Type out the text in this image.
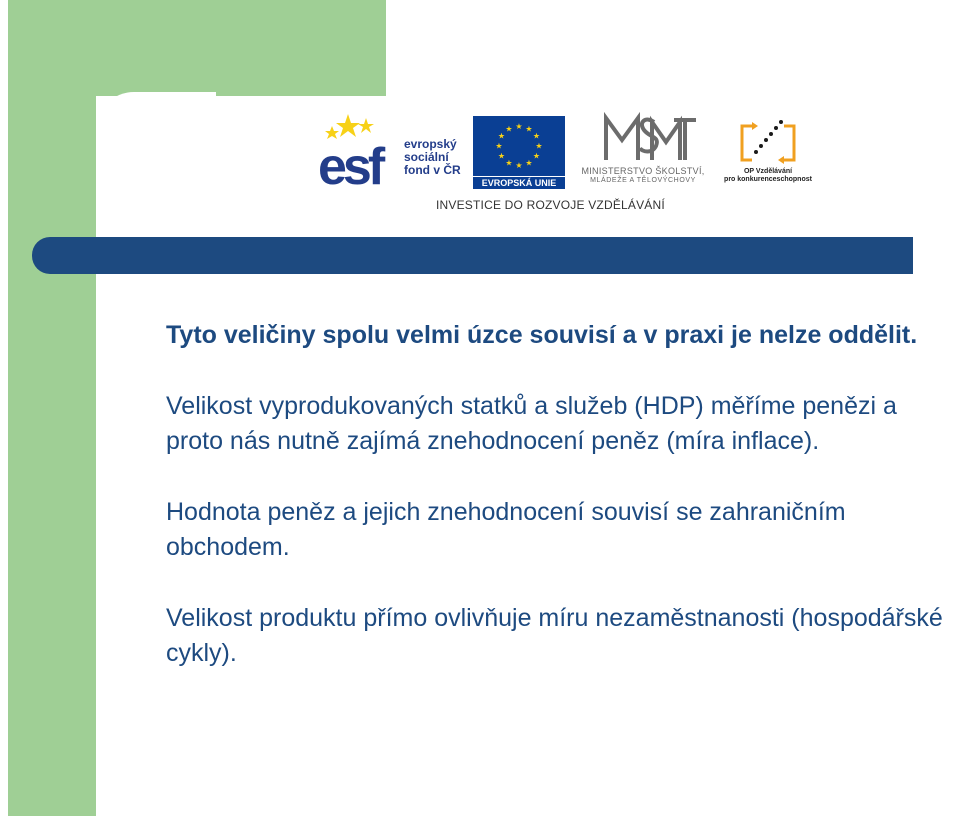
esf	evropský
sociální
fond v ČR
★ ★
★
★
★
★
★
★
★
★
★
★
EVROPSKÁ UNIE
MINISTERSTVO ŠKOLSTVÍ,
MLÁDEŽE A TĚLOVÝCHOVY
OP Vzdělávání
pro konkurenceschopnost
INVESTICE DO ROZVOJE VZDĚLÁVÁNÍ

Tyto veličiny spolu velmi úzce souvisí a v praxi je nelze oddělit.

Velikost vyprodukovaných statků a služeb (HDP) měříme penězi a proto nás nutně zajímá znehodnocení peněz (míra inflace).

Hodnota peněz a jejich znehodnocení souvisí se zahraničním obchodem.

Velikost produktu přímo ovlivňuje míru nezaměstnanosti (hospodářské cykly).
